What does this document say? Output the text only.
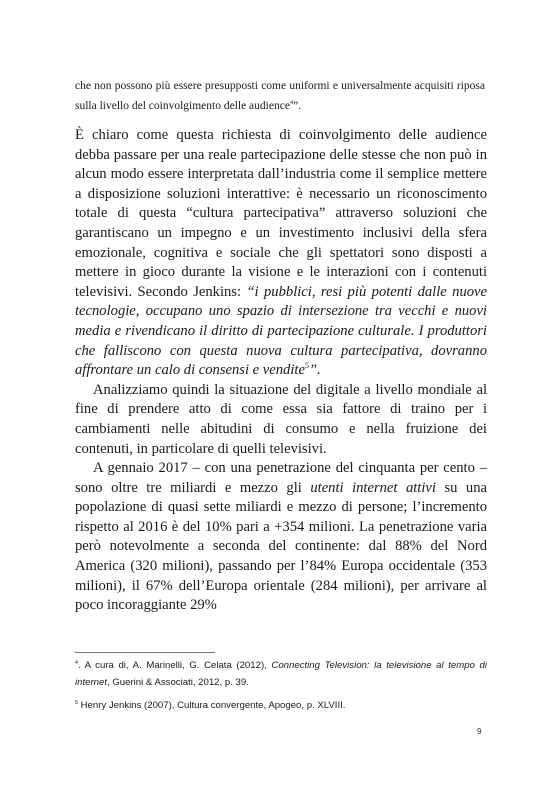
che non possono più essere presupposti come uniformi e universalmente acquisiti riposa sulla livello del coinvolgimento delle audience$^4$”.

È chiaro come questa richiesta di coinvolgimento delle audience debba passare per una reale partecipazione delle stesse che non può in alcun modo essere interpretata dall’industria come il semplice mettere a disposizione soluzioni interattive: è necessario un riconoscimento totale di questa “cultura partecipativa” attraverso soluzioni che garantiscano un impegno e un investimento inclusivi della sfera emozionale, cognitiva e sociale che gli spettatori sono disposti a mettere in gioco durante la visione e le interazioni con i contenuti televisivi. Secondo Jenkins: “i pubblici, resi più potenti dalle nuove tecnologie, occupano uno spazio di intersezione tra vecchi e nuovi media e rivendicano il diritto di partecipazione culturale. I produttori che falliscono con questa nuova cultura partecipativa, dovranno affrontare un calo di consensi e vendite$^5$”.

Analizziamo quindi la situazione del digitale a livello mondiale al fine di prendere atto di come essa sia fattore di traino per i cambiamenti nelle abitudini di consumo e nella fruizione dei contenuti, in particolare di quelli televisivi.

A gennaio 2017 – con una penetrazione del cinquanta per cento – sono oltre tre miliardi e mezzo gli utenti internet attivi su una popolazione di quasi sette miliardi e mezzo di persone; l’incremento rispetto al 2016 è del 10% pari a +354 milioni. La penetrazione varia però notevolmente a seconda del continente: dal 88% del Nord America (320 milioni), passando per l’84% Europa occidentale (353 milioni), il 67% dell’Europa orientale (284 milioni), per arrivare al poco incoraggiante 29%

$^4$. A cura di, A. Marinelli, G. Celata (2012), Connecting Television: la televisione al tempo di internet, Guerini & Associati, 2012, p. 39.
$^5$ Henry Jenkins (2007), Cultura convergente, Apogeo, p. XLVIII.
9
